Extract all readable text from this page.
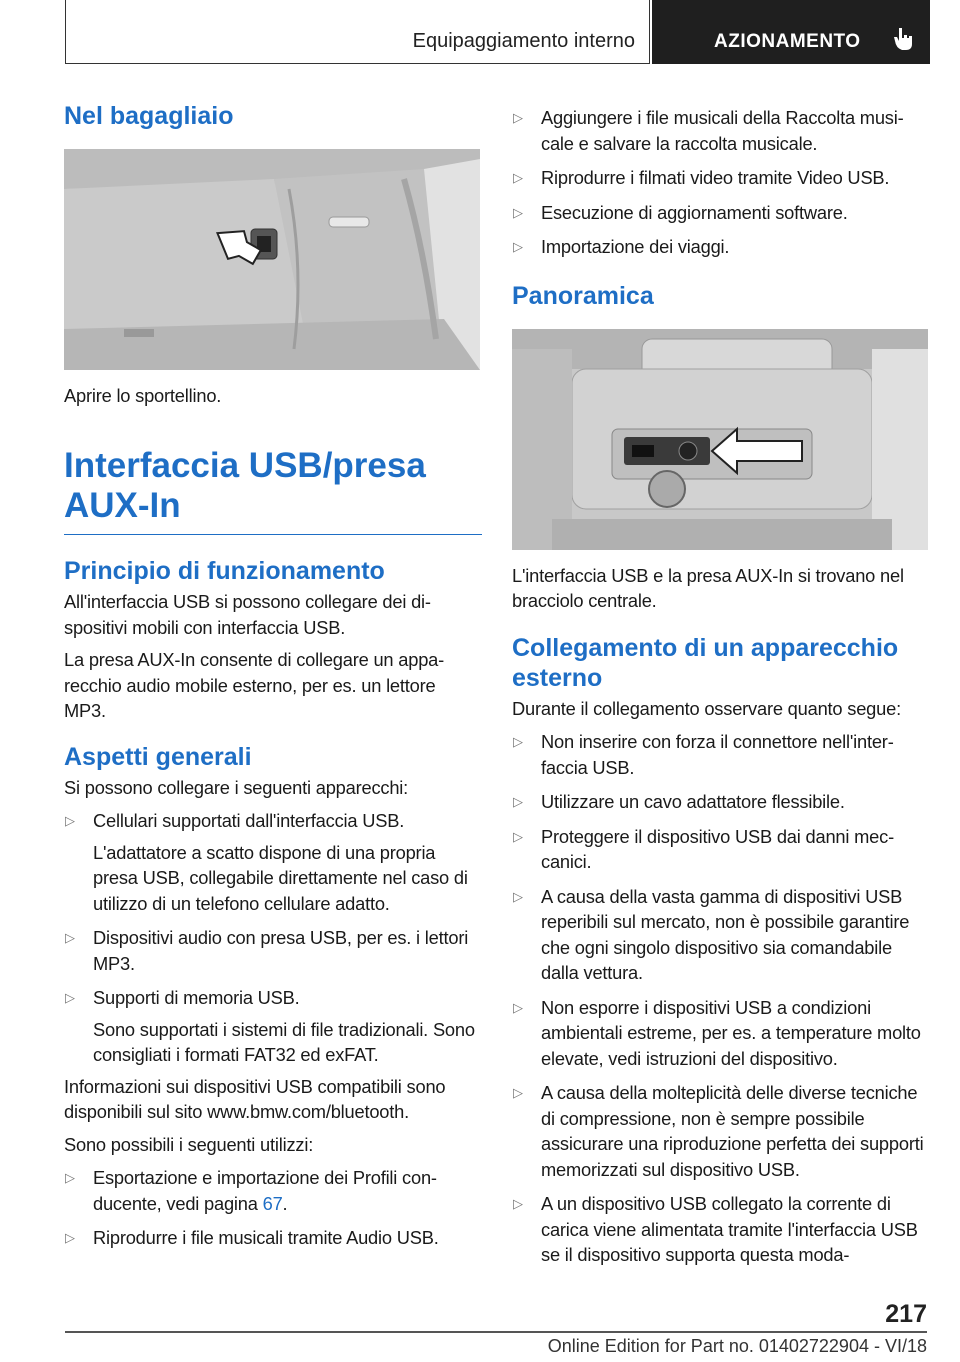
Equipaggiamento interno	AZIONAMENTO
Nel bagagliaio

Aprire lo sportellino.

Interfaccia USB/presa AUX-In
Principio di funzionamento

All'interfaccia USB si possono collegare dei dispositivi mobili con interfaccia USB.

La presa AUX-In consente di collegare un apparecchio audio mobile esterno, per es. un lettore MP3.

Aspetti generali

Si possono collegare i seguenti apparecchi:

▷ Cellulari supportati dall'interfaccia USB.
L'adattatore a scatto dispone di una propria presa USB, collegabile direttamente nel caso di utilizzo di un telefono cellulare adatto.
▷ Dispositivi audio con presa USB, per es. i lettori MP3.
▷ Supporti di memoria USB.
Sono supportati i sistemi di file tradizionali. Sono consigliati i formati FAT32 ed exFAT.

Informazioni sui dispositivi USB compatibili sono disponibili sul sito www.bmw.com/bluetooth.

Sono possibili i seguenti utilizzi:

▷ Esportazione e importazione dei Profili conducente, vedi pagina 67.
▷ Riprodurre i file musicali tramite Audio USB.
▷ Aggiungere i file musicali della Raccolta musicale e salvare la raccolta musicale.
▷ Riprodurre i filmati video tramite Video USB.
▷ Esecuzione di aggiornamenti software.
▷ Importazione dei viaggi.
Panoramica

L'interfaccia USB e la presa AUX-In si trovano nel bracciolo centrale.

Collegamento di un apparecchio esterno

Durante il collegamento osservare quanto segue:

▷ Non inserire con forza il connettore nell'interfaccia USB.
▷ Utilizzare un cavo adattatore flessibile.
▷ Proteggere il dispositivo USB dai danni meccanici.
▷ A causa della vasta gamma di dispositivi USB reperibili sul mercato, non è possibile garantire che ogni singolo dispositivo sia comandabile dalla vettura.
▷ Non esporre i dispositivi USB a condizioni ambientali estreme, per es. a temperature molto elevate, vedi istruzioni del dispositivo.
▷ A causa della molteplicità delle diverse tecniche di compressione, non è sempre possibile assicurare una riproduzione perfetta dei supporti memorizzati sul dispositivo USB.
▷ A un dispositivo USB collegato la corrente di carica viene alimentata tramite l'interfaccia USB se il dispositivo supporta questa moda-
217
Online Edition for Part no. 01402722904 - VI/18
